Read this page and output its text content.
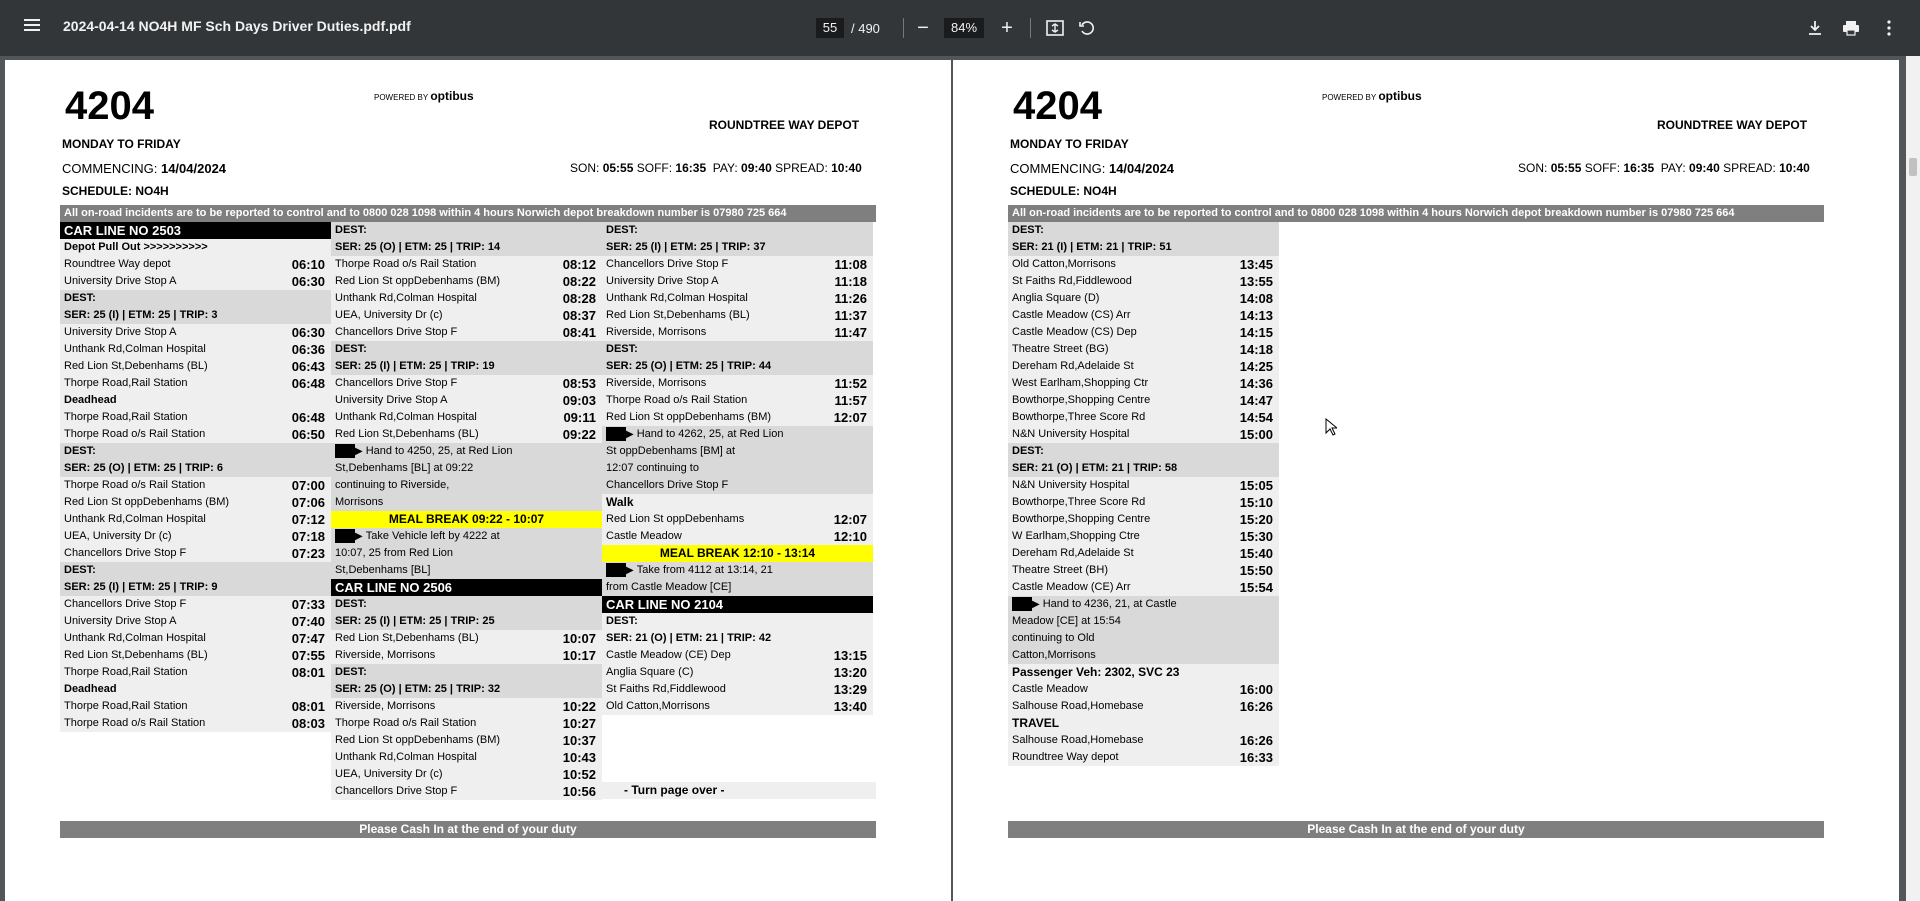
2024-04-14 NO4H MF Sch Days Driver Duties.pdf.pdf	55	/ 490	−	84%	+
4204	POWERED BY optibus
ROUNDTREE WAY DEPOT
MONDAY TO FRIDAY
COMMENCING: 14/04/2024	SON: 05:55 SOFF: 16:35 PAY: 09:40 SPREAD: 10:40
SCHEDULE: NO4H
All on-road incidents are to be reported to control and to 0800 028 1098 within 4 hours Norwich depot breakdown number is 07980 725 664
CAR LINE NO 2503
Depot Pull Out >>>>>>>>>>
Roundtree Way depot	06:10
University Drive Stop A	06:30
DEST:
SER: 25 (I) | ETM: 25 | TRIP: 3
University Drive Stop A	06:30
Unthank Rd,Colman Hospital	06:36
Red Lion St,Debenhams (BL)	06:43
Thorpe Road,Rail Station	06:48
Deadhead
Thorpe Road,Rail Station	06:48
Thorpe Road o/s Rail Station	06:50
DEST:
SER: 25 (O) | ETM: 25 | TRIP: 6
Thorpe Road o/s Rail Station	07:00
Red Lion St oppDebenhams (BM)	07:06
Unthank Rd,Colman Hospital	07:12
UEA, University Dr (c)	07:18
Chancellors Drive Stop F	07:23
DEST:
SER: 25 (I) | ETM: 25 | TRIP: 9
Chancellors Drive Stop F	07:33
University Drive Stop A	07:40
Unthank Rd,Colman Hospital	07:47
Red Lion St,Debenhams (BL)	07:55
Thorpe Road,Rail Station	08:01
Deadhead
Thorpe Road,Rail Station	08:01
Thorpe Road o/s Rail Station	08:03
DEST:
SER: 25 (O) | ETM: 25 | TRIP: 14
Thorpe Road o/s Rail Station	08:12
Red Lion St oppDebenhams (BM)	08:22
Unthank Rd,Colman Hospital	08:28
UEA, University Dr (c)	08:37
Chancellors Drive Stop F	08:41
DEST:
SER: 25 (I) | ETM: 25 | TRIP: 19
Chancellors Drive Stop F	08:53
University Drive Stop A	09:03
Unthank Rd,Colman Hospital	09:11
Red Lion St,Debenhams (BL)	09:22
▶ Hand to 4250, 25, at Red Lion
St,Debenhams [BL] at 09:22
continuing to Riverside,
Morrisons
MEAL BREAK 09:22 - 10:07
▶ Take Vehicle left by 4222 at
10:07, 25 from Red Lion
St,Debenhams [BL]
CAR LINE NO 2506
DEST:
SER: 25 (I) | ETM: 25 | TRIP: 25
Red Lion St,Debenhams (BL)	10:07
Riverside, Morrisons	10:17
DEST:
SER: 25 (O) | ETM: 25 | TRIP: 32
Riverside, Morrisons	10:22
Thorpe Road o/s Rail Station	10:27
Red Lion St oppDebenhams (BM)	10:37
Unthank Rd,Colman Hospital	10:43
UEA, University Dr (c)	10:52
Chancellors Drive Stop F	10:56
DEST:
SER: 25 (I) | ETM: 25 | TRIP: 37
Chancellors Drive Stop F	11:08
University Drive Stop A	11:18
Unthank Rd,Colman Hospital	11:26
Red Lion St,Debenhams (BL)	11:37
Riverside, Morrisons	11:47
DEST:
SER: 25 (O) | ETM: 25 | TRIP: 44
Riverside, Morrisons	11:52
Thorpe Road o/s Rail Station	11:57
Red Lion St oppDebenhams (BM)	12:07
▶ Hand to 4262, 25, at Red Lion
St oppDebenhams [BM] at
12:07 continuing to
Chancellors Drive Stop F
Walk
Red Lion St oppDebenhams	12:07
Castle Meadow	12:10
MEAL BREAK 12:10 - 13:14
▶ Take from 4112 at 13:14, 21
from Castle Meadow [CE]
CAR LINE NO 2104
DEST:
SER: 21 (O) | ETM: 21 | TRIP: 42
Castle Meadow (CE) Dep	13:15
Anglia Square (C)	13:20
St Faiths Rd,Fiddlewood	13:29
Old Catton,Morrisons	13:40
- Turn page over -
Please Cash In at the end of your duty
4204	POWERED BY optibus
ROUNDTREE WAY DEPOT
MONDAY TO FRIDAY
COMMENCING: 14/04/2024	SON: 05:55 SOFF: 16:35 PAY: 09:40 SPREAD: 10:40
SCHEDULE: NO4H
All on-road incidents are to be reported to control and to 0800 028 1098 within 4 hours Norwich depot breakdown number is 07980 725 664
DEST:
SER: 21 (I) | ETM: 21 | TRIP: 51
Old Catton,Morrisons	13:45
St Faiths Rd,Fiddlewood	13:55
Anglia Square (D)	14:08
Castle Meadow (CS) Arr	14:13
Castle Meadow (CS) Dep	14:15
Theatre Street (BG)	14:18
Dereham Rd,Adelaide St	14:25
West Earlham,Shopping Ctr	14:36
Bowthorpe,Shopping Centre	14:47
Bowthorpe,Three Score Rd	14:54
N&N University Hospital	15:00
DEST:
SER: 21 (O) | ETM: 21 | TRIP: 58
N&N University Hospital	15:05
Bowthorpe,Three Score Rd	15:10
Bowthorpe,Shopping Centre	15:20
W Earlham,Shopping Ctre	15:30
Dereham Rd,Adelaide St	15:40
Theatre Street (BH)	15:50
Castle Meadow (CE) Arr	15:54
▶ Hand to 4236, 21, at Castle
Meadow [CE] at 15:54
continuing to Old
Catton,Morrisons
Passenger Veh: 2302, SVC 23
Castle Meadow	16:00
Salhouse Road,Homebase	16:26
TRAVEL
Salhouse Road,Homebase	16:26
Roundtree Way depot	16:33
Please Cash In at the end of your duty
